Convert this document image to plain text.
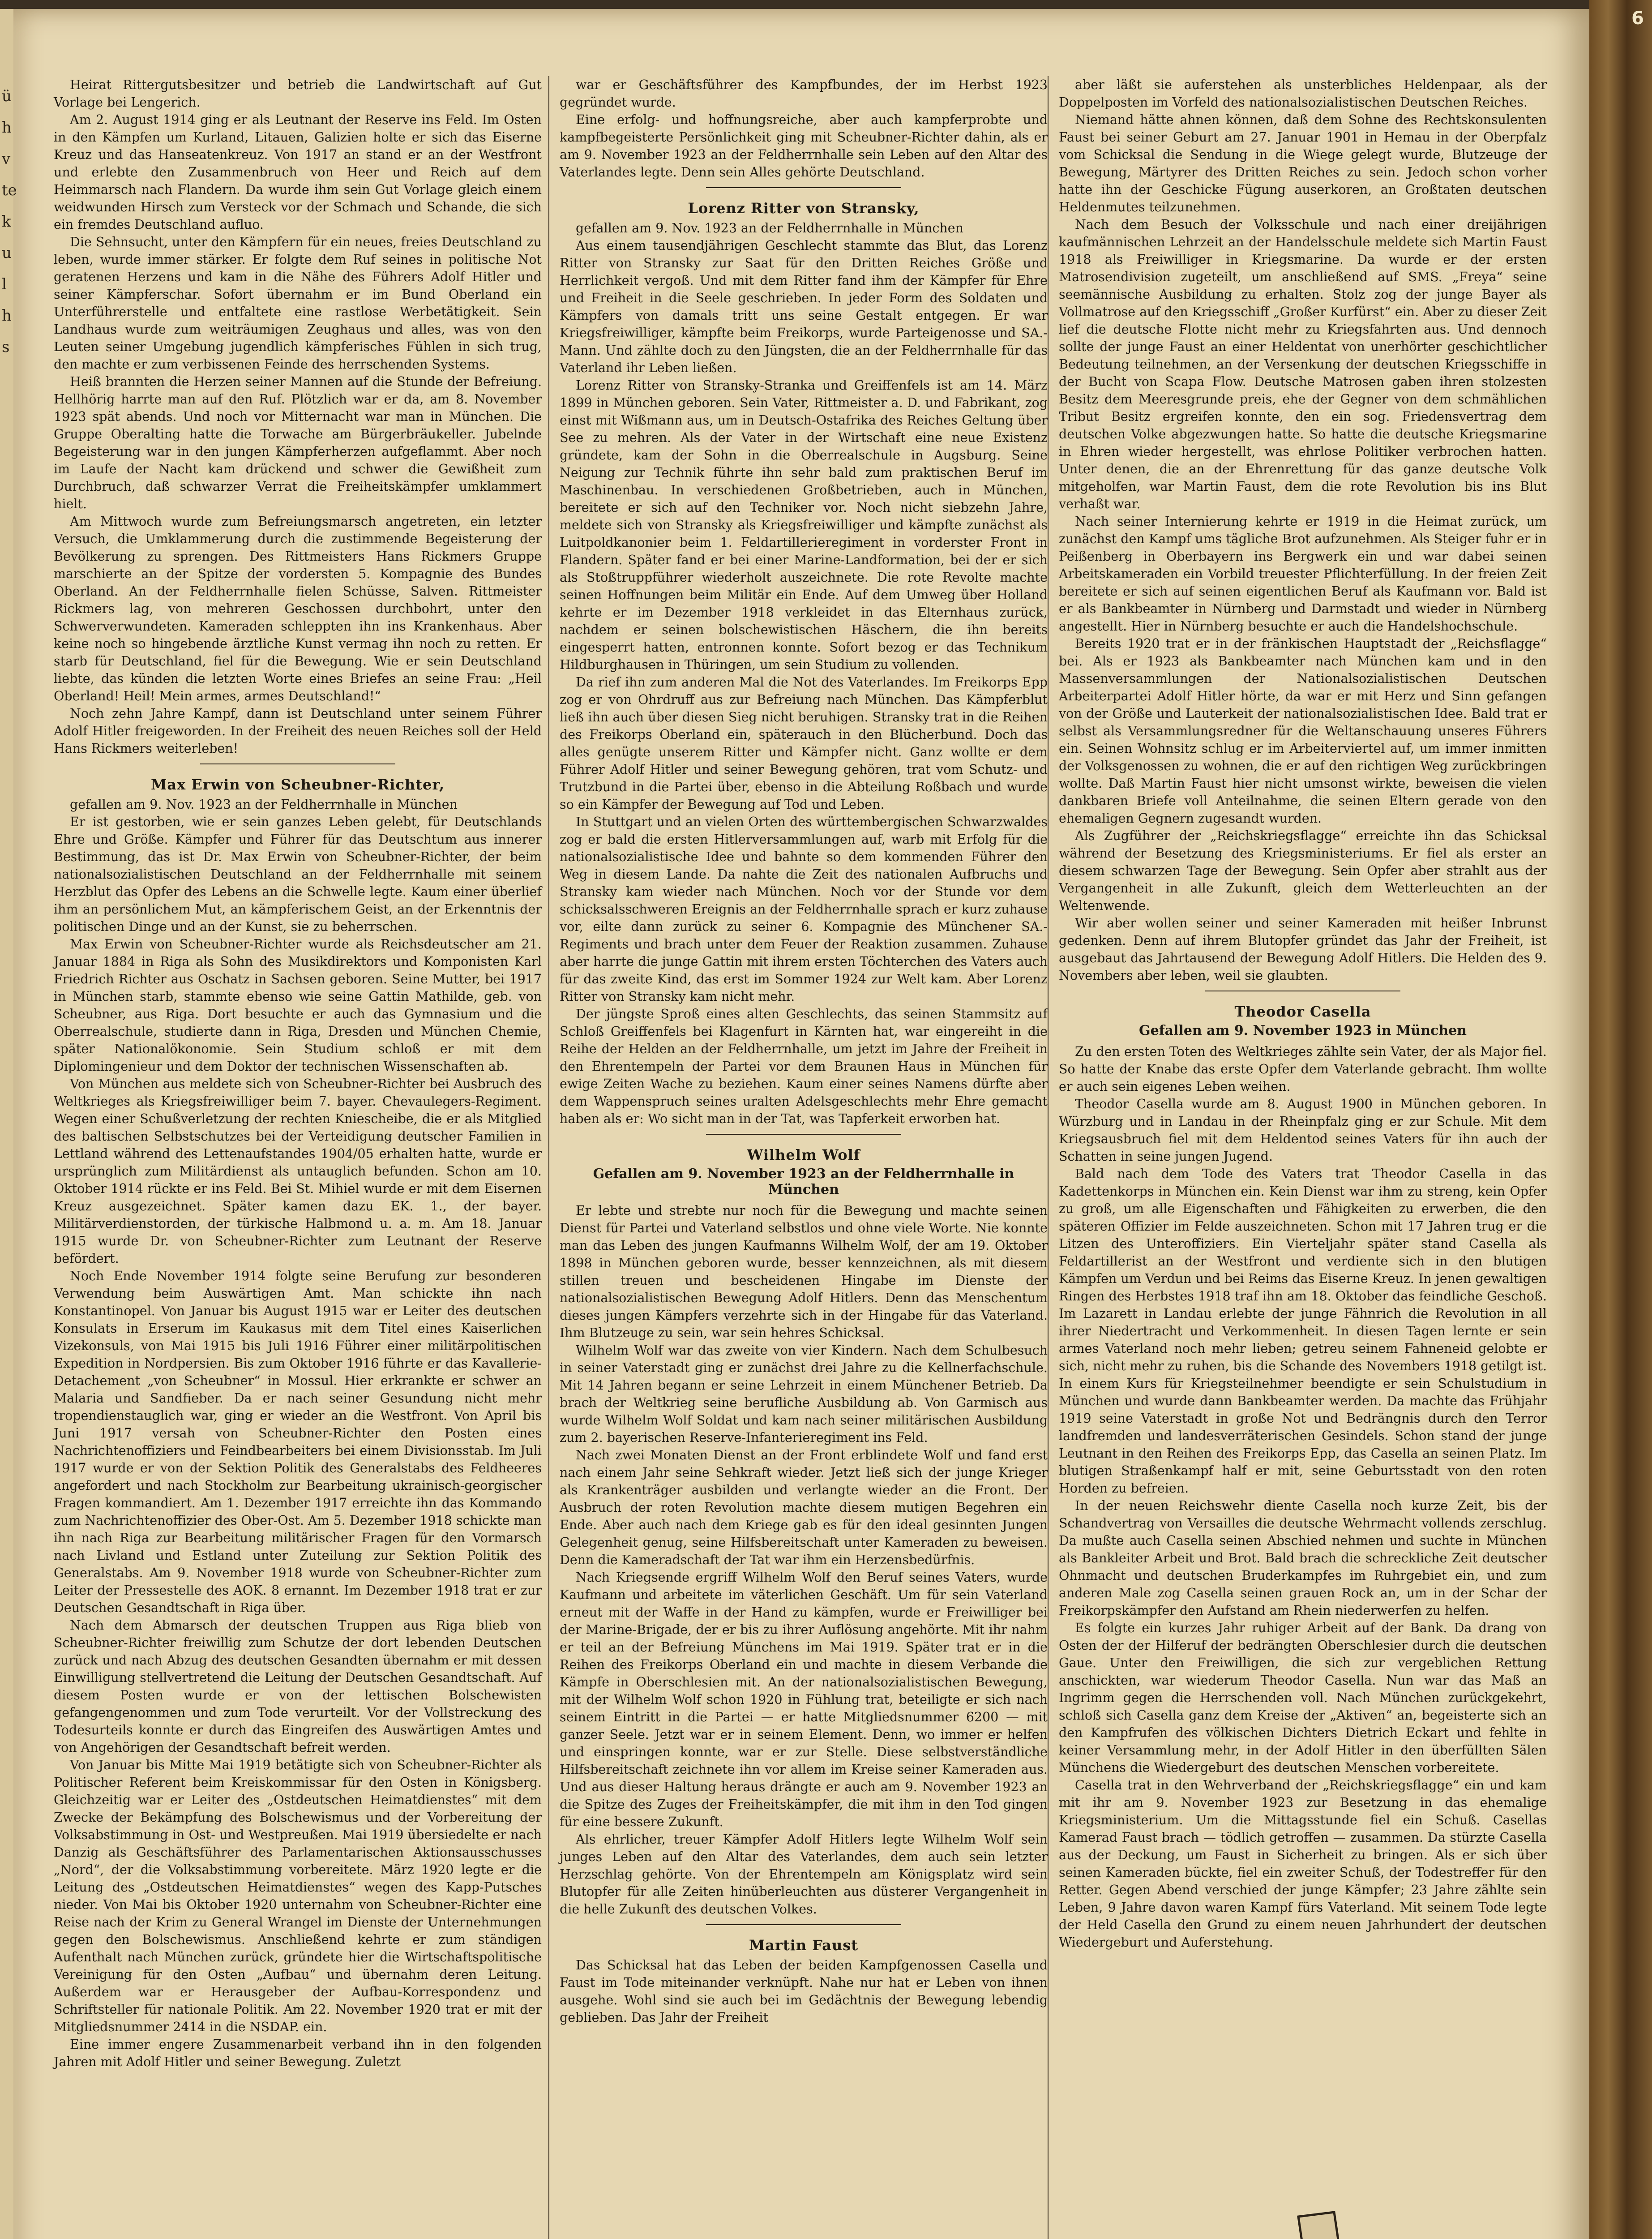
6
ü
h
v
te
k
u
l
h
s

Heirat Rittergutsbesitzer und betrieb die Landwirtschaft auf Gut Vorlage bei Lengerich.

Am 2. August 1914 ging er als Leutnant der Reserve ins Feld. Im Osten in den Kämpfen um Kurland, Litauen, Galizien holte er sich das Eiserne Kreuz und das Hanseatenkreuz. Von 1917 an stand er an der Westfront und erlebte den Zusammenbruch von Heer und Reich auf dem Heimmarsch nach Flandern. Da wurde ihm sein Gut Vorlage gleich einem weidwunden Hirsch zum Versteck vor der Schmach und Schande, die sich ein fremdes Deutschland aufluo.

Die Sehnsucht, unter den Kämpfern für ein neues, freies Deutschland zu leben, wurde immer stärker. Er folgte dem Ruf seines in politische Not geratenen Herzens und kam in die Nähe des Führers Adolf Hitler und seiner Kämpferschar. Sofort übernahm er im Bund Oberland ein Unterführerstelle und entfaltete eine rastlose Werbetätigkeit. Sein Landhaus wurde zum weiträumigen Zeughaus und alles, was von den Leuten seiner Umgebung jugendlich kämpferisches Fühlen in sich trug, den machte er zum verbissenen Feinde des herrschenden Systems.

Heiß brannten die Herzen seiner Mannen auf die Stunde der Befreiung. Hellhörig harrte man auf den Ruf. Plötzlich war er da, am 8. November 1923 spät abends. Und noch vor Mitternacht war man in München. Die Gruppe Oberalting hatte die Torwache am Bürgerbräukeller. Jubelnde Begeisterung war in den jungen Kämpferherzen aufgeflammt. Aber noch im Laufe der Nacht kam drückend und schwer die Gewißheit zum Durchbruch, daß schwarzer Verrat die Freiheitskämpfer umklammert hielt.

Am Mittwoch wurde zum Befreiungsmarsch angetreten, ein letzter Versuch, die Umklammerung durch die zustimmende Begeisterung der Bevölkerung zu sprengen. Des Rittmeisters Hans Rickmers Gruppe marschierte an der Spitze der vordersten 5. Kompagnie des Bundes Oberland. An der Feldherrnhalle fielen Schüsse, Salven. Rittmeister Rickmers lag, von mehreren Geschossen durchbohrt, unter den Schwerverwundeten. Kameraden schleppten ihn ins Krankenhaus. Aber keine noch so hingebende ärztliche Kunst vermag ihn noch zu retten. Er starb für Deutschland, fiel für die Bewegung. Wie er sein Deutschland liebte, das künden die letzten Worte eines Briefes an seine Frau: „Heil Oberland! Heil! Mein armes, armes Deutschland!“

Noch zehn Jahre Kampf, dann ist Deutschland unter seinem Führer Adolf Hitler freigeworden. In der Freiheit des neuen Reiches soll der Held Hans Rickmers weiterleben!

Max Erwin von Scheubner-Richter,

gefallen am 9. Nov. 1923 an der Feldherrnhalle in München

Er ist gestorben, wie er sein ganzes Leben gelebt, für Deutschlands Ehre und Größe. Kämpfer und Führer für das Deutschtum aus innerer Bestimmung, das ist Dr. Max Erwin von Scheubner-Richter, der beim nationalsozialistischen Deutschland an der Feldherrnhalle mit seinem Herzblut das Opfer des Lebens an die Schwelle legte. Kaum einer überlief ihm an persönlichem Mut, an kämpferischem Geist, an der Erkenntnis der politischen Dinge und an der Kunst, sie zu beherrschen.

Max Erwin von Scheubner-Richter wurde als Reichsdeutscher am 21. Januar 1884 in Riga als Sohn des Musikdirektors und Komponisten Karl Friedrich Richter aus Oschatz in Sachsen geboren. Seine Mutter, bei 1917 in München starb, stammte ebenso wie seine Gattin Mathilde, geb. von Scheubner, aus Riga. Dort besuchte er auch das Gymnasium und die Oberrealschule, studierte dann in Riga, Dresden und München Chemie, später Nationalökonomie. Sein Studium schloß er mit dem Diplomingenieur und dem Doktor der technischen Wissenschaften ab.

Von München aus meldete sich von Scheubner-Richter bei Ausbruch des Weltkrieges als Kriegsfreiwilliger beim 7. bayer. Chevaulegers-Regiment. Wegen einer Schußverletzung der rechten Kniescheibe, die er als Mitglied des baltischen Selbstschutzes bei der Verteidigung deutscher Familien in Lettland während des Lettenaufstandes 1904/05 erhalten hatte, wurde er ursprünglich zum Militärdienst als untauglich befunden. Schon am 10. Oktober 1914 rückte er ins Feld. Bei St. Mihiel wurde er mit dem Eisernen Kreuz ausgezeichnet. Später kamen dazu EK. 1., der bayer. Militärverdienstorden, der türkische Halbmond u. a. m. Am 18. Januar 1915 wurde Dr. von Scheubner-Richter zum Leutnant der Reserve befördert.

Noch Ende November 1914 folgte seine Berufung zur besonderen Verwendung beim Auswärtigen Amt. Man schickte ihn nach Konstantinopel. Von Januar bis August 1915 war er Leiter des deutschen Konsulats in Erserum im Kaukasus mit dem Titel eines Kaiserlichen Vizekonsuls, von Mai 1915 bis Juli 1916 Führer einer militärpolitischen Expedition in Nordpersien. Bis zum Oktober 1916 führte er das Kavallerie-Detachement „von Scheubner“ in Mossul. Hier erkrankte er schwer an Malaria und Sandfieber. Da er nach seiner Gesundung nicht mehr tropendienstauglich war, ging er wieder an die Westfront. Von April bis Juni 1917 versah von Scheubner-Richter den Posten eines Nachrichtenoffiziers und Feindbearbeiters bei einem Divisionsstab. Im Juli 1917 wurde er von der Sektion Politik des Generalstabs des Feldheeres angefordert und nach Stockholm zur Bearbeitung ukrainisch-georgischer Fragen kommandiert. Am 1. Dezember 1917 erreichte ihn das Kommando zum Nachrichtenoffizier des Ober-Ost. Am 5. Dezember 1918 schickte man ihn nach Riga zur Bearbeitung militärischer Fragen für den Vormarsch nach Livland und Estland unter Zuteilung zur Sektion Politik des Generalstabs. Am 9. November 1918 wurde von Scheubner-Richter zum Leiter der Pressestelle des AOK. 8 ernannt. Im Dezember 1918 trat er zur Deutschen Gesandtschaft in Riga über.

Nach dem Abmarsch der deutschen Truppen aus Riga blieb von Scheubner-Richter freiwillig zum Schutze der dort lebenden Deutschen zurück und nach Abzug des deutschen Gesandten übernahm er mit dessen Einwilligung stellvertretend die Leitung der Deutschen Gesandtschaft. Auf diesem Posten wurde er von der lettischen Bolschewisten gefangengenommen und zum Tode verurteilt. Vor der Vollstreckung des Todesurteils konnte er durch das Eingreifen des Auswärtigen Amtes und von Angehörigen der Gesandtschaft befreit werden.

Von Januar bis Mitte Mai 1919 betätigte sich von Scheubner-Richter als Politischer Referent beim Kreiskommissar für den Osten in Königsberg. Gleichzeitig war er Leiter des „Ostdeutschen Heimatdienstes“ mit dem Zwecke der Bekämpfung des Bolschewismus und der Vorbereitung der Volksabstimmung in Ost- und Westpreußen. Mai 1919 übersiedelte er nach Danzig als Geschäftsführer des Parlamentarischen Aktionsausschusses „Nord“, der die Volksabstimmung vorbereitete. März 1920 legte er die Leitung des „Ostdeutschen Heimatdienstes“ wegen des Kapp-Putsches nieder. Von Mai bis Oktober 1920 unternahm von Scheubner-Richter eine Reise nach der Krim zu General Wrangel im Dienste der Unternehmungen gegen den Bolschewismus. Anschließend kehrte er zum ständigen Aufenthalt nach München zurück, gründete hier die Wirtschaftspolitische Vereinigung für den Osten „Aufbau“ und übernahm deren Leitung. Außerdem war er Herausgeber der Aufbau-Korrespondenz und Schriftsteller für nationale Politik. Am 22. November 1920 trat er mit der Mitgliedsnummer 2414 in die NSDAP. ein.

Eine immer engere Zusammenarbeit verband ihn in den folgenden Jahren mit Adolf Hitler und seiner Bewegung. Zuletzt

war er Geschäftsführer des Kampfbundes, der im Herbst 1923 gegründet wurde.

Eine erfolg- und hoffnungsreiche, aber auch kampferprobte und kampfbegeisterte Persönlichkeit ging mit Scheubner-Richter dahin, als er am 9. November 1923 an der Feldherrnhalle sein Leben auf den Altar des Vaterlandes legte. Denn sein Alles gehörte Deutschland.

Lorenz Ritter von Stransky,

gefallen am 9. Nov. 1923 an der Feldherrnhalle in München

Aus einem tausendjährigen Geschlecht stammte das Blut, das Lorenz Ritter von Stransky zur Saat für den Dritten Reiches Größe und Herrlichkeit vergoß. Und mit dem Ritter fand ihm der Kämpfer für Ehre und Freiheit in die Seele geschrieben. In jeder Form des Soldaten und Kämpfers von damals tritt uns seine Gestalt entgegen. Er war Kriegsfreiwilliger, kämpfte beim Freikorps, wurde Parteigenosse und SA.-Mann. Und zählte doch zu den Jüngsten, die an der Feldherrnhalle für das Vaterland ihr Leben ließen.

Lorenz Ritter von Stransky-Stranka und Greiffenfels ist am 14. März 1899 in München geboren. Sein Vater, Rittmeister a. D. und Fabrikant, zog einst mit Wißmann aus, um in Deutsch-Ostafrika des Reiches Geltung über See zu mehren. Als der Vater in der Wirtschaft eine neue Existenz gründete, kam der Sohn in die Oberrealschule in Augsburg. Seine Neigung zur Technik führte ihn sehr bald zum praktischen Beruf im Maschinenbau. In verschiedenen Großbetrieben, auch in München, bereitete er sich auf den Techniker vor. Noch nicht siebzehn Jahre, meldete sich von Stransky als Kriegsfreiwilliger und kämpfte zunächst als Luitpoldkanonier beim 1. Feldartillerieregiment in vorderster Front in Flandern. Später fand er bei einer Marine-Landformation, bei der er sich als Stoßtruppführer wiederholt auszeichnete. Die rote Revolte machte seinen Hoffnungen beim Militär ein Ende. Auf dem Umweg über Holland kehrte er im Dezember 1918 verkleidet in das Elternhaus zurück, nachdem er seinen bolschewistischen Häschern, die ihn bereits eingesperrt hatten, entronnen konnte. Sofort bezog er das Technikum Hildburghausen in Thüringen, um sein Studium zu vollenden.

Da rief ihn zum anderen Mal die Not des Vaterlandes. Im Freikorps Epp zog er von Ohrdruff aus zur Befreiung nach München. Das Kämpferblut ließ ihn auch über diesen Sieg nicht beruhigen. Stransky trat in die Reihen des Freikorps Oberland ein, späterauch in den Blücherbund. Doch das alles genügte unserem Ritter und Kämpfer nicht. Ganz wollte er dem Führer Adolf Hitler und seiner Bewegung gehören, trat vom Schutz- und Trutzbund in die Partei über, ebenso in die Abteilung Roßbach und wurde so ein Kämpfer der Bewegung auf Tod und Leben.

In Stuttgart und an vielen Orten des württembergischen Schwarzwaldes zog er bald die ersten Hitlerversammlungen auf, warb mit Erfolg für die nationalsozialistische Idee und bahnte so dem kommenden Führer den Weg in diesem Lande. Da nahte die Zeit des nationalen Aufbruchs und Stransky kam wieder nach München. Noch vor der Stunde vor dem schicksalsschweren Ereignis an der Feldherrnhalle sprach er kurz zuhause vor, eilte dann zurück zu seiner 6. Kompagnie des Münchener SA.-Regiments und brach unter dem Feuer der Reaktion zusammen. Zuhause aber harrte die junge Gattin mit ihrem ersten Töchterchen des Vaters auch für das zweite Kind, das erst im Sommer 1924 zur Welt kam. Aber Lorenz Ritter von Stransky kam nicht mehr.

Der jüngste Sproß eines alten Geschlechts, das seinen Stammsitz auf Schloß Greiffenfels bei Klagenfurt in Kärnten hat, war eingereiht in die Reihe der Helden an der Feldherrnhalle, um jetzt im Jahre der Freiheit in den Ehrentempeln der Partei vor dem Braunen Haus in München für ewige Zeiten Wache zu beziehen. Kaum einer seines Namens dürfte aber dem Wappenspruch seines uralten Adelsgeschlechts mehr Ehre gemacht haben als er: Wo sicht man in der Tat, was Tapferkeit erworben hat.

Wilhelm Wolf
Gefallen am 9. November 1923 an der Feldherrnhalle in München

Er lebte und strebte nur noch für die Bewegung und machte seinen Dienst für Partei und Vaterland selbstlos und ohne viele Worte. Nie konnte man das Leben des jungen Kaufmanns Wilhelm Wolf, der am 19. Oktober 1898 in München geboren wurde, besser kennzeichnen, als mit diesem stillen treuen und bescheidenen Hingabe im Dienste der nationalsozialistischen Bewegung Adolf Hitlers. Denn das Menschentum dieses jungen Kämpfers verzehrte sich in der Hingabe für das Vaterland. Ihm Blutzeuge zu sein, war sein hehres Schicksal.

Wilhelm Wolf war das zweite von vier Kindern. Nach dem Schulbesuch in seiner Vaterstadt ging er zunächst drei Jahre zu die Kellnerfachschule. Mit 14 Jahren begann er seine Lehrzeit in einem Münchener Betrieb. Da brach der Weltkrieg seine berufliche Ausbildung ab. Von Garmisch aus wurde Wilhelm Wolf Soldat und kam nach seiner militärischen Ausbildung zum 2. bayerischen Reserve-Infanterieregiment ins Feld.

Nach zwei Monaten Dienst an der Front erblindete Wolf und fand erst nach einem Jahr seine Sehkraft wieder. Jetzt ließ sich der junge Krieger als Krankenträger ausbilden und verlangte wieder an die Front. Der Ausbruch der roten Revolution machte diesem mutigen Begehren ein Ende. Aber auch nach dem Kriege gab es für den ideal gesinnten Jungen Gelegenheit genug, seine Hilfsbereitschaft unter Kameraden zu beweisen. Denn die Kameradschaft der Tat war ihm ein Herzensbedürfnis.

Nach Kriegsende ergriff Wilhelm Wolf den Beruf seines Vaters, wurde Kaufmann und arbeitete im väterlichen Geschäft. Um für sein Vaterland erneut mit der Waffe in der Hand zu kämpfen, wurde er Freiwilliger bei der Marine-Brigade, der er bis zu ihrer Auflösung angehörte. Mit ihr nahm er teil an der Befreiung Münchens im Mai 1919. Später trat er in die Reihen des Freikorps Oberland ein und machte in diesem Verbande die Kämpfe in Oberschlesien mit. An der nationalsozialistischen Bewegung, mit der Wilhelm Wolf schon 1920 in Fühlung trat, beteiligte er sich nach seinem Eintritt in die Partei — er hatte Mitgliedsnummer 6200 — mit ganzer Seele. Jetzt war er in seinem Element. Denn, wo immer er helfen und einspringen konnte, war er zur Stelle. Diese selbstverständliche Hilfsbereitschaft zeichnete ihn vor allem im Kreise seiner Kameraden aus. Und aus dieser Haltung heraus drängte er auch am 9. November 1923 an die Spitze des Zuges der Freiheitskämpfer, die mit ihm in den Tod gingen für eine bessere Zukunft.

Als ehrlicher, treuer Kämpfer Adolf Hitlers legte Wilhelm Wolf sein junges Leben auf den Altar des Vaterlandes, dem auch sein letzter Herzschlag gehörte. Von der Ehrentempeln am Königsplatz wird sein Blutopfer für alle Zeiten hinüberleuchten aus düsterer Vergangenheit in die helle Zukunft des deutschen Volkes.

Martin Faust

Das Schicksal hat das Leben der beiden Kampfgenossen Casella und Faust im Tode miteinander verknüpft. Nahe nur hat er Leben von ihnen ausgehe. Wohl sind sie auch bei im Gedächtnis der Bewegung lebendig geblieben. Das Jahr der Freiheit

aber läßt sie auferstehen als unsterbliches Heldenpaar, als der Doppelposten im Vorfeld des nationalsozialistischen Deutschen Reiches.

Niemand hätte ahnen können, daß dem Sohne des Rechtskonsulenten Faust bei seiner Geburt am 27. Januar 1901 in Hemau in der Oberpfalz vom Schicksal die Sendung in die Wiege gelegt wurde, Blutzeuge der Bewegung, Märtyrer des Dritten Reiches zu sein. Jedoch schon vorher hatte ihn der Geschicke Fügung auserkoren, an Großtaten deutschen Heldenmutes teilzunehmen.

Nach dem Besuch der Volksschule und nach einer dreijährigen kaufmännischen Lehrzeit an der Handelsschule meldete sich Martin Faust 1918 als Freiwilliger in Kriegsmarine. Da wurde er der ersten Matrosendivision zugeteilt, um anschließend auf SMS. „Freya“ seine seemännische Ausbildung zu erhalten. Stolz zog der junge Bayer als Vollmatrose auf den Kriegsschiff „Großer Kurfürst“ ein. Aber zu dieser Zeit lief die deutsche Flotte nicht mehr zu Kriegsfahrten aus. Und dennoch sollte der junge Faust an einer Heldentat von unerhörter geschichtlicher Bedeutung teilnehmen, an der Versenkung der deutschen Kriegsschiffe in der Bucht von Scapa Flow. Deutsche Matrosen gaben ihren stolzesten Besitz dem Meeresgrunde preis, ehe der Gegner von dem schmählichen Tribut Besitz ergreifen konnte, den ein sog. Friedensvertrag dem deutschen Volke abgezwungen hatte. So hatte die deutsche Kriegsmarine in Ehren wieder hergestellt, was ehrlose Politiker verbrochen hatten. Unter denen, die an der Ehrenrettung für das ganze deutsche Volk mitgeholfen, war Martin Faust, dem die rote Revolution bis ins Blut verhaßt war.

Nach seiner Internierung kehrte er 1919 in die Heimat zurück, um zunächst den Kampf ums tägliche Brot aufzunehmen. Als Steiger fuhr er in Peißenberg in Oberbayern ins Bergwerk ein und war dabei seinen Arbeitskameraden ein Vorbild treuester Pflichterfüllung. In der freien Zeit bereitete er sich auf seinen eigentlichen Beruf als Kaufmann vor. Bald ist er als Bankbeamter in Nürnberg und Darmstadt und wieder in Nürnberg angestellt. Hier in Nürnberg besuchte er auch die Handelshochschule.

Bereits 1920 trat er in der fränkischen Hauptstadt der „Reichsflagge“ bei. Als er 1923 als Bankbeamter nach München kam und in den Massenversammlungen der Nationalsozialistischen Deutschen Arbeiterpartei Adolf Hitler hörte, da war er mit Herz und Sinn gefangen von der Größe und Lauterkeit der nationalsozialistischen Idee. Bald trat er selbst als Versammlungsredner für die Weltanschauung unseres Führers ein. Seinen Wohnsitz schlug er im Arbeiterviertel auf, um immer inmitten der Volksgenossen zu wohnen, die er auf den richtigen Weg zurückbringen wollte. Daß Martin Faust hier nicht umsonst wirkte, beweisen die vielen dankbaren Briefe voll Anteilnahme, die seinen Eltern gerade von den ehemaligen Gegnern zugesandt wurden.

Als Zugführer der „Reichskriegsflagge“ erreichte ihn das Schicksal während der Besetzung des Kriegsministeriums. Er fiel als erster an diesem schwarzen Tage der Bewegung. Sein Opfer aber strahlt aus der Vergangenheit in alle Zukunft, gleich dem Wetterleuchten an der Weltenwende.

Wir aber wollen seiner und seiner Kameraden mit heißer Inbrunst gedenken. Denn auf ihrem Blutopfer gründet das Jahr der Freiheit, ist ausgebaut das Jahrtausend der Bewegung Adolf Hitlers. Die Helden des 9. Novembers aber leben, weil sie glaubten.

Theodor Casella
Gefallen am 9. November 1923 in München

Zu den ersten Toten des Weltkrieges zählte sein Vater, der als Major fiel. So hatte der Knabe das erste Opfer dem Vaterlande gebracht. Ihm wollte er auch sein eigenes Leben weihen.

Theodor Casella wurde am 8. August 1900 in München geboren. In Würzburg und in Landau in der Rheinpfalz ging er zur Schule. Mit dem Kriegsausbruch fiel mit dem Heldentod seines Vaters für ihn auch der Schatten in seine jungen Jugend.

Bald nach dem Tode des Vaters trat Theodor Casella in das Kadettenkorps in München ein. Kein Dienst war ihm zu streng, kein Opfer zu groß, um alle Eigenschaften und Fähigkeiten zu erwerben, die den späteren Offizier im Felde auszeichneten. Schon mit 17 Jahren trug er die Litzen des Unteroffiziers. Ein Vierteljahr später stand Casella als Feldartillerist an der Westfront und verdiente sich in den blutigen Kämpfen um Verdun und bei Reims das Eiserne Kreuz. In jenen gewaltigen Ringen des Herbstes 1918 traf ihn am 18. Oktober das feindliche Geschoß. Im Lazarett in Landau erlebte der junge Fähnrich die Revolution in all ihrer Niedertracht und Verkommenheit. In diesen Tagen lernte er sein armes Vaterland noch mehr lieben; getreu seinem Fahneneid gelobte er sich, nicht mehr zu ruhen, bis die Schande des Novembers 1918 getilgt ist. In einem Kurs für Kriegsteilnehmer beendigte er sein Schulstudium in München und wurde dann Bankbeamter werden. Da machte das Frühjahr 1919 seine Vaterstadt in große Not und Bedrängnis durch den Terror landfremden und landesverräterischen Gesindels. Schon stand der junge Leutnant in den Reihen des Freikorps Epp, das Casella an seinen Platz. Im blutigen Straßenkampf half er mit, seine Geburtsstadt von den roten Horden zu befreien.

In der neuen Reichswehr diente Casella noch kurze Zeit, bis der Schandvertrag von Versailles die deutsche Wehrmacht vollends zerschlug. Da mußte auch Casella seinen Abschied nehmen und suchte in München als Bankleiter Arbeit und Brot. Bald brach die schreckliche Zeit deutscher Ohnmacht und deutschen Bruderkampfes im Ruhrgebiet ein, und zum anderen Male zog Casella seinen grauen Rock an, um in der Schar der Freikorpskämpfer den Aufstand am Rhein niederwerfen zu helfen.

Es folgte ein kurzes Jahr ruhiger Arbeit auf der Bank. Da drang von Osten der der Hilferuf der bedrängten Oberschlesier durch die deutschen Gaue. Unter den Freiwilligen, die sich zur vergeblichen Rettung anschickten, war wiederum Theodor Casella. Nun war das Maß an Ingrimm gegen die Herrschenden voll. Nach München zurückgekehrt, schloß sich Casella ganz dem Kreise der „Aktiven“ an, begeisterte sich an den Kampfrufen des völkischen Dichters Dietrich Eckart und fehlte in keiner Versammlung mehr, in der Adolf Hitler in den überfüllten Sälen Münchens die Wiedergeburt des deutschen Menschen vorbereitete.

Casella trat in den Wehrverband der „Reichskriegsflagge“ ein und kam mit ihr am 9. November 1923 zur Besetzung in das ehemalige Kriegsministerium. Um die Mittagsstunde fiel ein Schuß. Casellas Kamerad Faust brach — tödlich getroffen — zusammen. Da stürzte Casella aus der Deckung, um Faust in Sicherheit zu bringen. Als er sich über seinen Kameraden bückte, fiel ein zweiter Schuß, der Todestreffer für den Retter. Gegen Abend verschied der junge Kämpfer; 23 Jahre zählte sein Leben, 9 Jahre davon waren Kampf fürs Vaterland. Mit seinem Tode legte der Held Casella den Grund zu einem neuen Jahrhundert der deutschen Wiedergeburt und Auferstehung.
